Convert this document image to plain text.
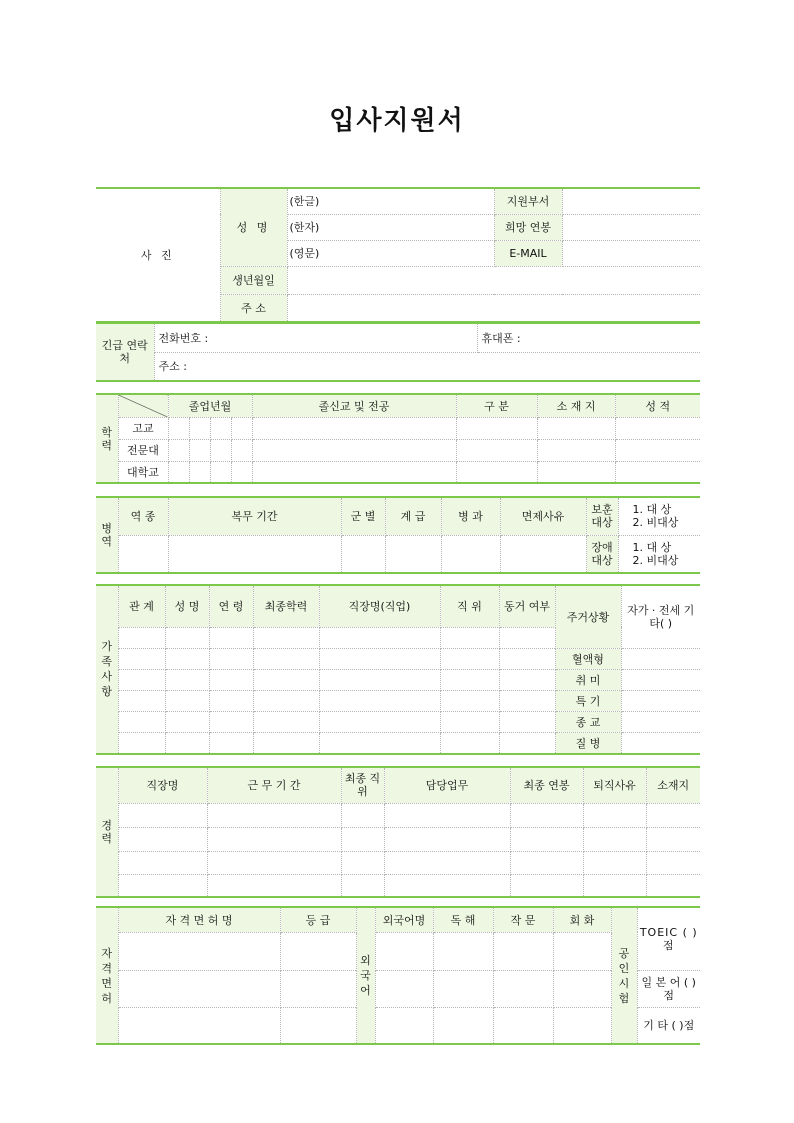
입사지원서
사 진	성 명	(한글)	지원부서	
		(한자)	희망 연봉	
		(영문)	E-MAIL	
	생년월일			
	주 소			
긴급 연락처	전화번호 :	휴대폰 :
주소 :
학력		졸업년월				졸신교 및 전공	구 분	소 재 지	성 적
	고교								
	전문대								
	대학교								
병역	역 종	복무 기간	군 별	계 급	병 과	면제사유	보훈 대상	1. 대 상
2. 비대상
							장애 대상	1. 대 상
2. 비대상
가족사항	관 계	성 명	연 령	최종학력	직장명(직업)	직 위	동거 여부	주거상황	자가 · 전세 기타( )

								혈액형	
								취 미	
								특 기	
								종 교	
								질 병	
경력	직장명	근 무 기 간	최종 직위	담당업무	최종 연봉	퇴직사유	소재지

자격면허	자 격 면 허 명	등 급	외국어	외국어명	독 해	작 문	회 화	공인시험	TOEIC ( )점

									일 본 어 ( )점
									기 타 ( )점
